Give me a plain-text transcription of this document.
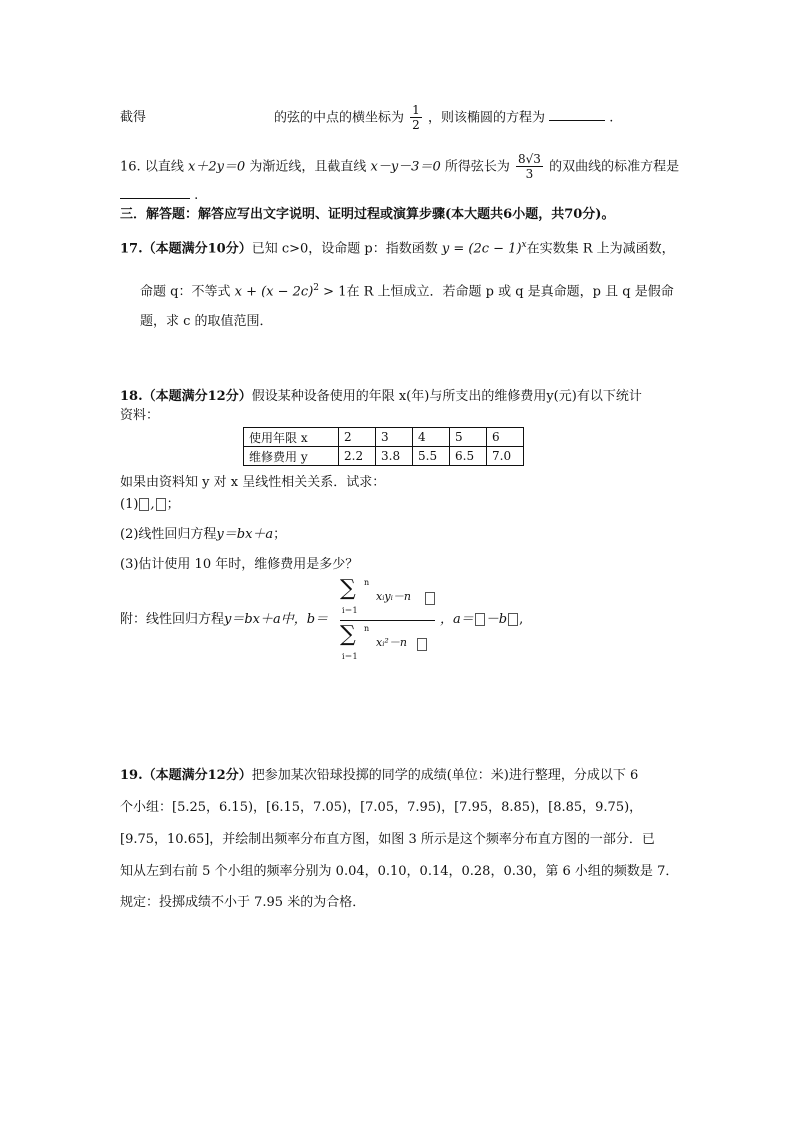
截得	的弦的中点的横坐标为 $\frac{1}{2}$ ，则该椭圆的方程为	.
16. 以直线 x＋2y＝0 为渐近线，且截直线 x－y－3＝0 所得弦长为 $\frac{8√3}{3}$ 的双曲线的标准方程是
.
三．解答题：解答应写出文字说明、证明过程或演算步骤(本大题共6小题，共70分)。
17.（本题满分10分）已知 c>0，设命题 p：指数函数 $y = (2c - 1)^x$在实数集 R 上为减函数，
命题 q：不等式 $x + (x - 2c)^2 > 1$在 R 上恒成立．若命题 p 或 q 是真命题，p 且 q 是假命
题，求 c 的取值范围．
18.（本题满分12分）假设某种设备使用的年限 x(年)与所支出的维修费用y(元)有以下统计
资料：
使用年限 x	2	3	4	5	6
维修费用 y	2.2	3.8	5.5	6.5	7.0
如果由资料知 y 对 x 呈线性相关关系．试求：
(1) , ；
(2)线性回归方程y＝bx＋a；
(3)估计使用 10 年时，维修费用是多少？
附：线性回归方程y＝bx＋a中，b＝
∑ n
i＝1
xᵢyᵢ－n
∑ n
i＝1
xᵢ²－n
，a＝ －b ,
19.（本题满分12分）把参加某次铅球投掷的同学的成绩(单位：米)进行整理，分成以下 6
个小组：[5.25，6.15)，[6.15，7.05)，[7.05，7.95)，[7.95，8.85)，[8.85，9.75)，
[9.75，10.65]，并绘制出频率分布直方图，如图 3 所示是这个频率分布直方图的一部分．已
知从左到右前 5 个小组的频率分别为 0.04，0.10，0.14，0.28，0.30，第 6 小组的频数是 7．
规定：投掷成绩不小于 7.95 米的为合格．
